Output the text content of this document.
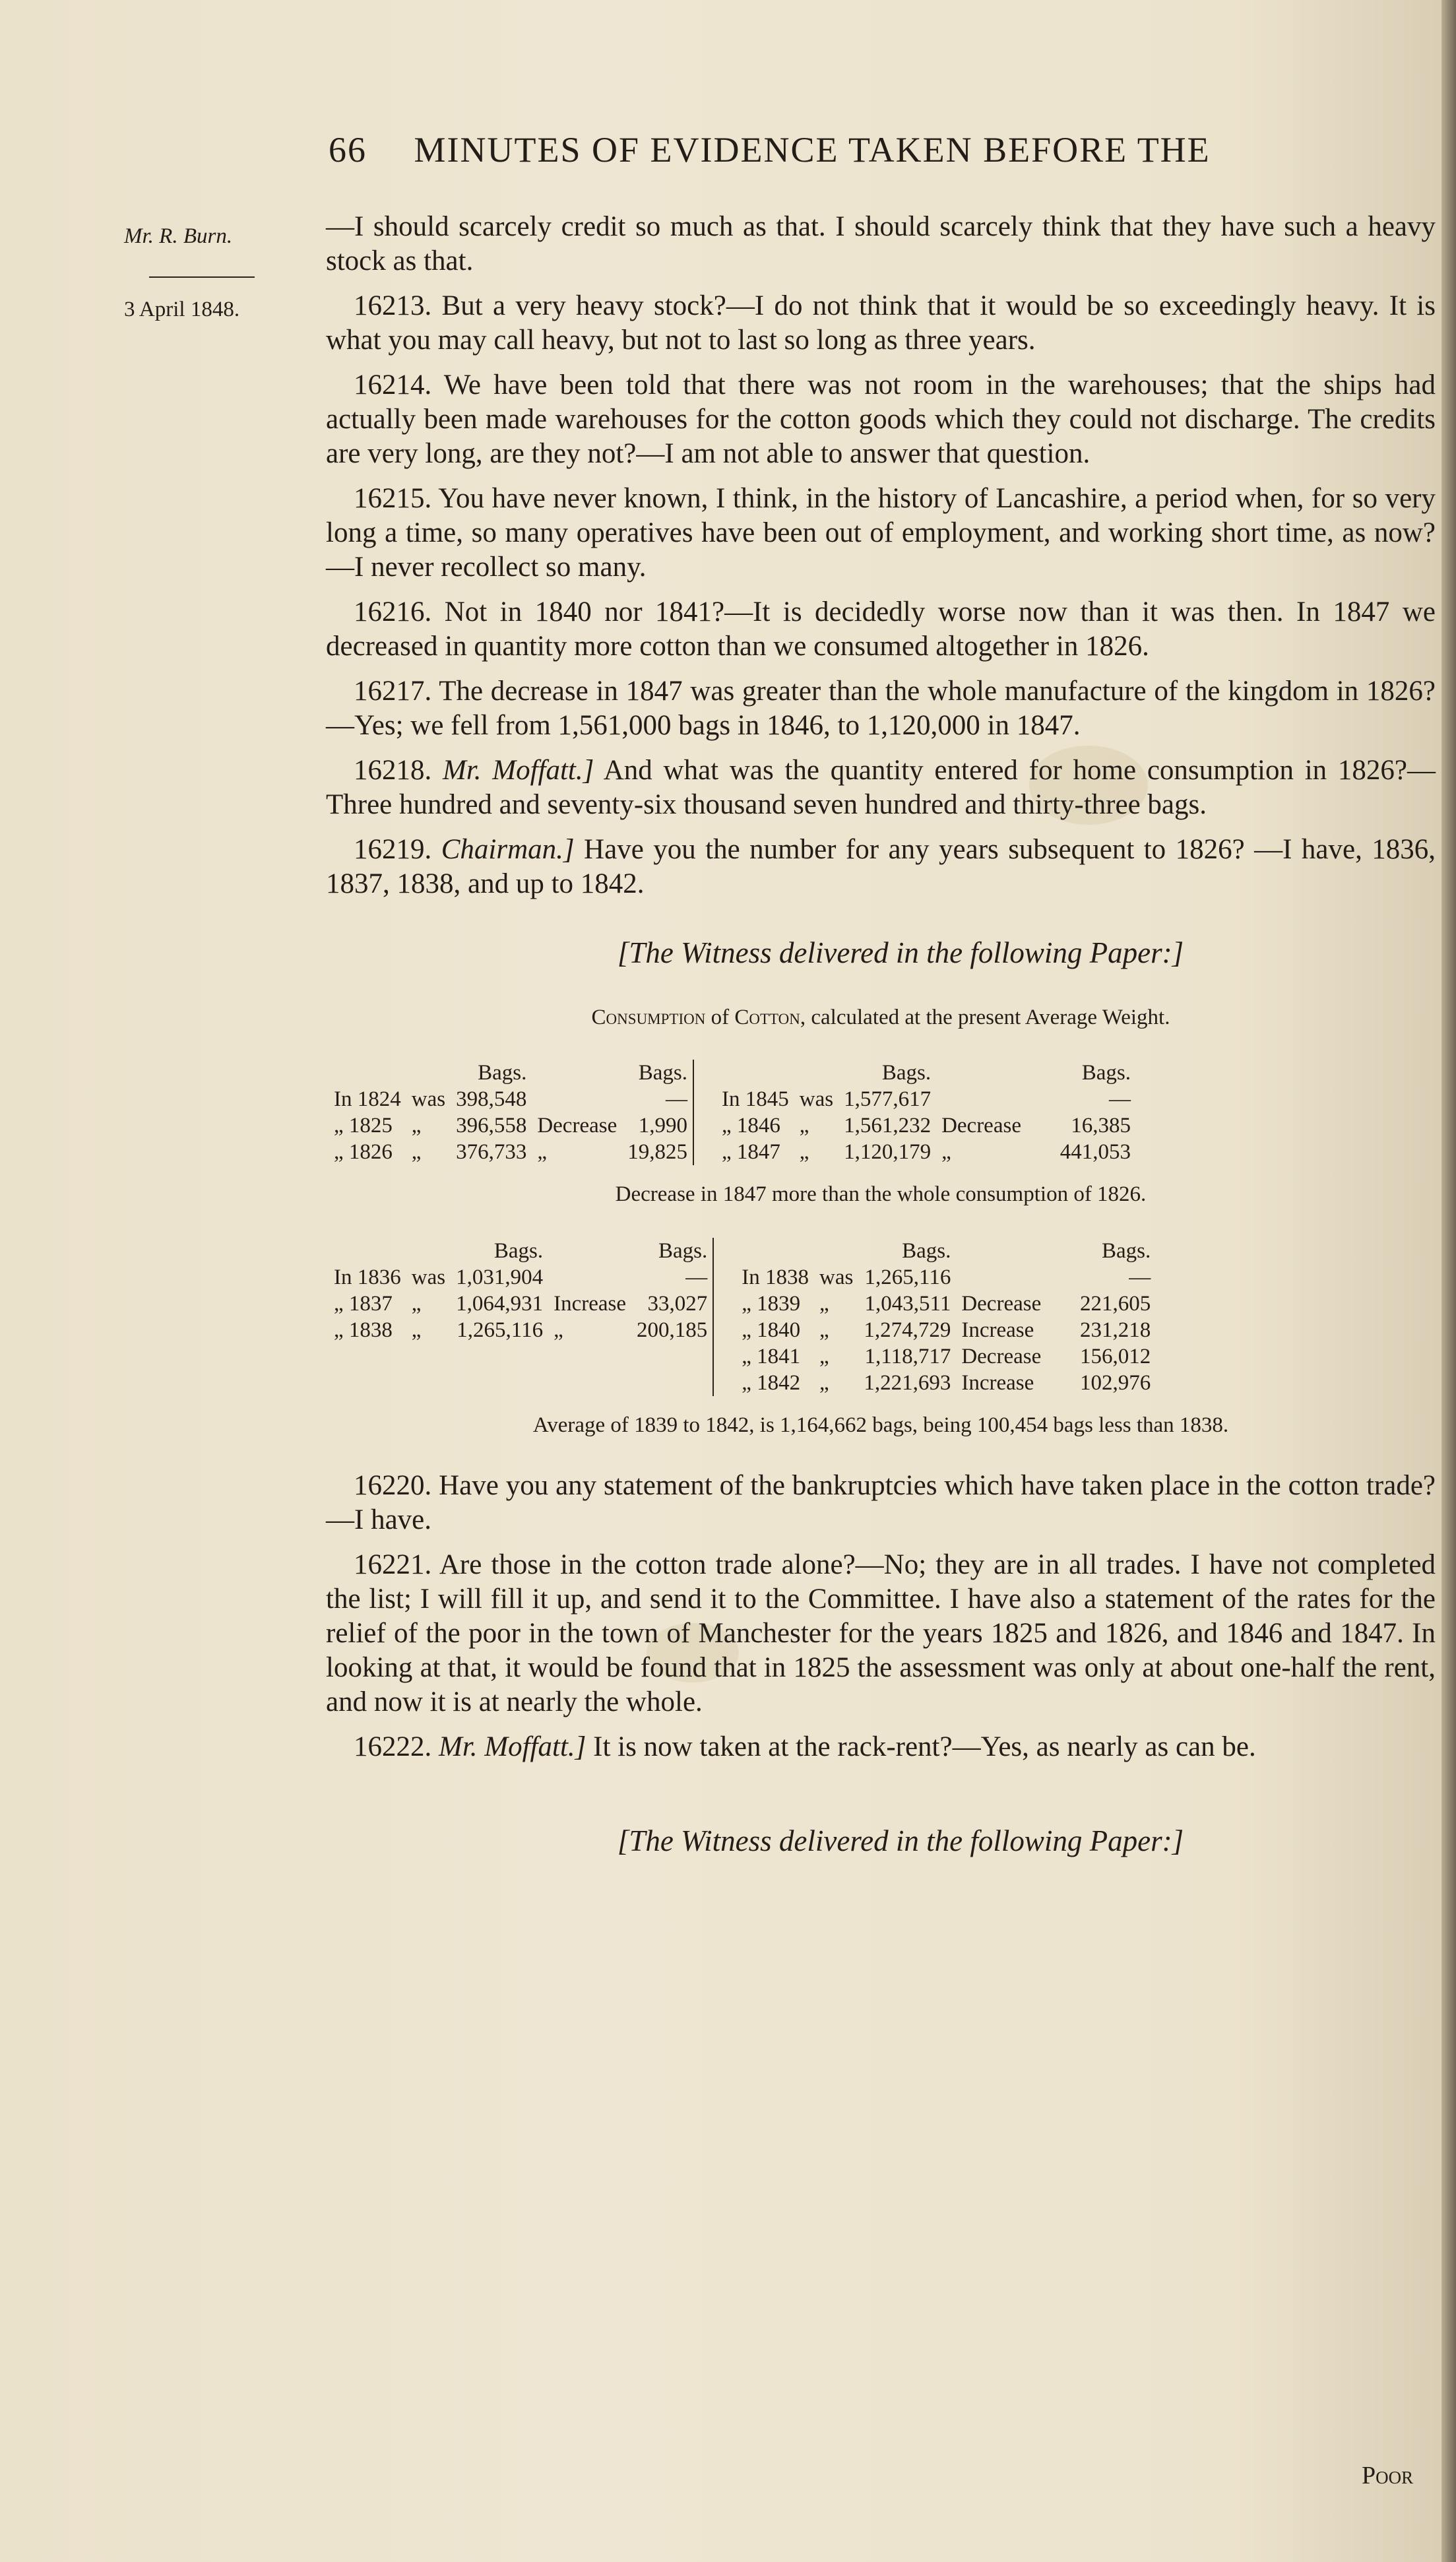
66 MINUTES OF EVIDENCE TAKEN BEFORE THE
Mr. R. Burn.
3 April 1848.

—I should scarcely credit so much as that. I should scarcely think that they have such a heavy stock as that.

16213. But a very heavy stock?—I do not think that it would be so exceedingly heavy. It is what you may call heavy, but not to last so long as three years.

16214. We have been told that there was not room in the warehouses; that the ships had actually been made warehouses for the cotton goods which they could not discharge. The credits are very long, are they not?—I am not able to answer that question.

16215. You have never known, I think, in the history of Lancashire, a period when, for so very long a time, so many operatives have been out of employment, and working short time, as now?—I never recollect so many.

16216. Not in 1840 nor 1841?—It is decidedly worse now than it was then. In 1847 we decreased in quantity more cotton than we consumed altogether in 1826.

16217. The decrease in 1847 was greater than the whole manufacture of the kingdom in 1826?—Yes; we fell from 1,561,000 bags in 1846, to 1,120,000 in 1847.

16218. Mr. Moffatt.] And what was the quantity entered for home consumption in 1826?—Three hundred and seventy-six thousand seven hundred and thirty-three bags.

16219. Chairman.] Have you the number for any years subsequent to 1826? —I have, 1836, 1837, 1838, and up to 1842.

[The Witness delivered in the following Paper:]
Consumption of Cotton, calculated at the present Average Weight.
		Bags.		Bags.				Bags.		Bags.
In 1824	was	398,548		—		In 1845	was	1,577,617		—
„ 1825	„	396,558	Decrease	1,990		„ 1846	„	1,561,232	Decrease	16,385
„ 1826	„	376,733	„	19,825		„ 1847	„	1,120,179	„	441,053
Decrease in 1847 more than the whole consumption of 1826.
		Bags.		Bags.				Bags.		Bags.
In 1836	was	1,031,904		—		In 1838	was	1,265,116		—
„ 1837	„	1,064,931	Increase	33,027		„ 1839	„	1,043,511	Decrease	221,605
„ 1838	„	1,265,116	„	200,185		„ 1840	„	1,274,729	Increase	231,218
						„ 1841	„	1,118,717	Decrease	156,012
						„ 1842	„	1,221,693	Increase	102,976
Average of 1839 to 1842, is 1,164,662 bags, being 100,454 bags less than 1838.

16220. Have you any statement of the bankruptcies which have taken place in the cotton trade?—I have.

16221. Are those in the cotton trade alone?—No; they are in all trades. I have not completed the list; I will fill it up, and send it to the Committee. I have also a statement of the rates for the relief of the poor in the town of Manchester for the years 1825 and 1826, and 1846 and 1847. In looking at that, it would be found that in 1825 the assessment was only at about one-half the rent, and now it is at nearly the whole.

16222. Mr. Moffatt.] It is now taken at the rack-rent?—Yes, as nearly as can be.

[The Witness delivered in the following Paper:]
Poor
